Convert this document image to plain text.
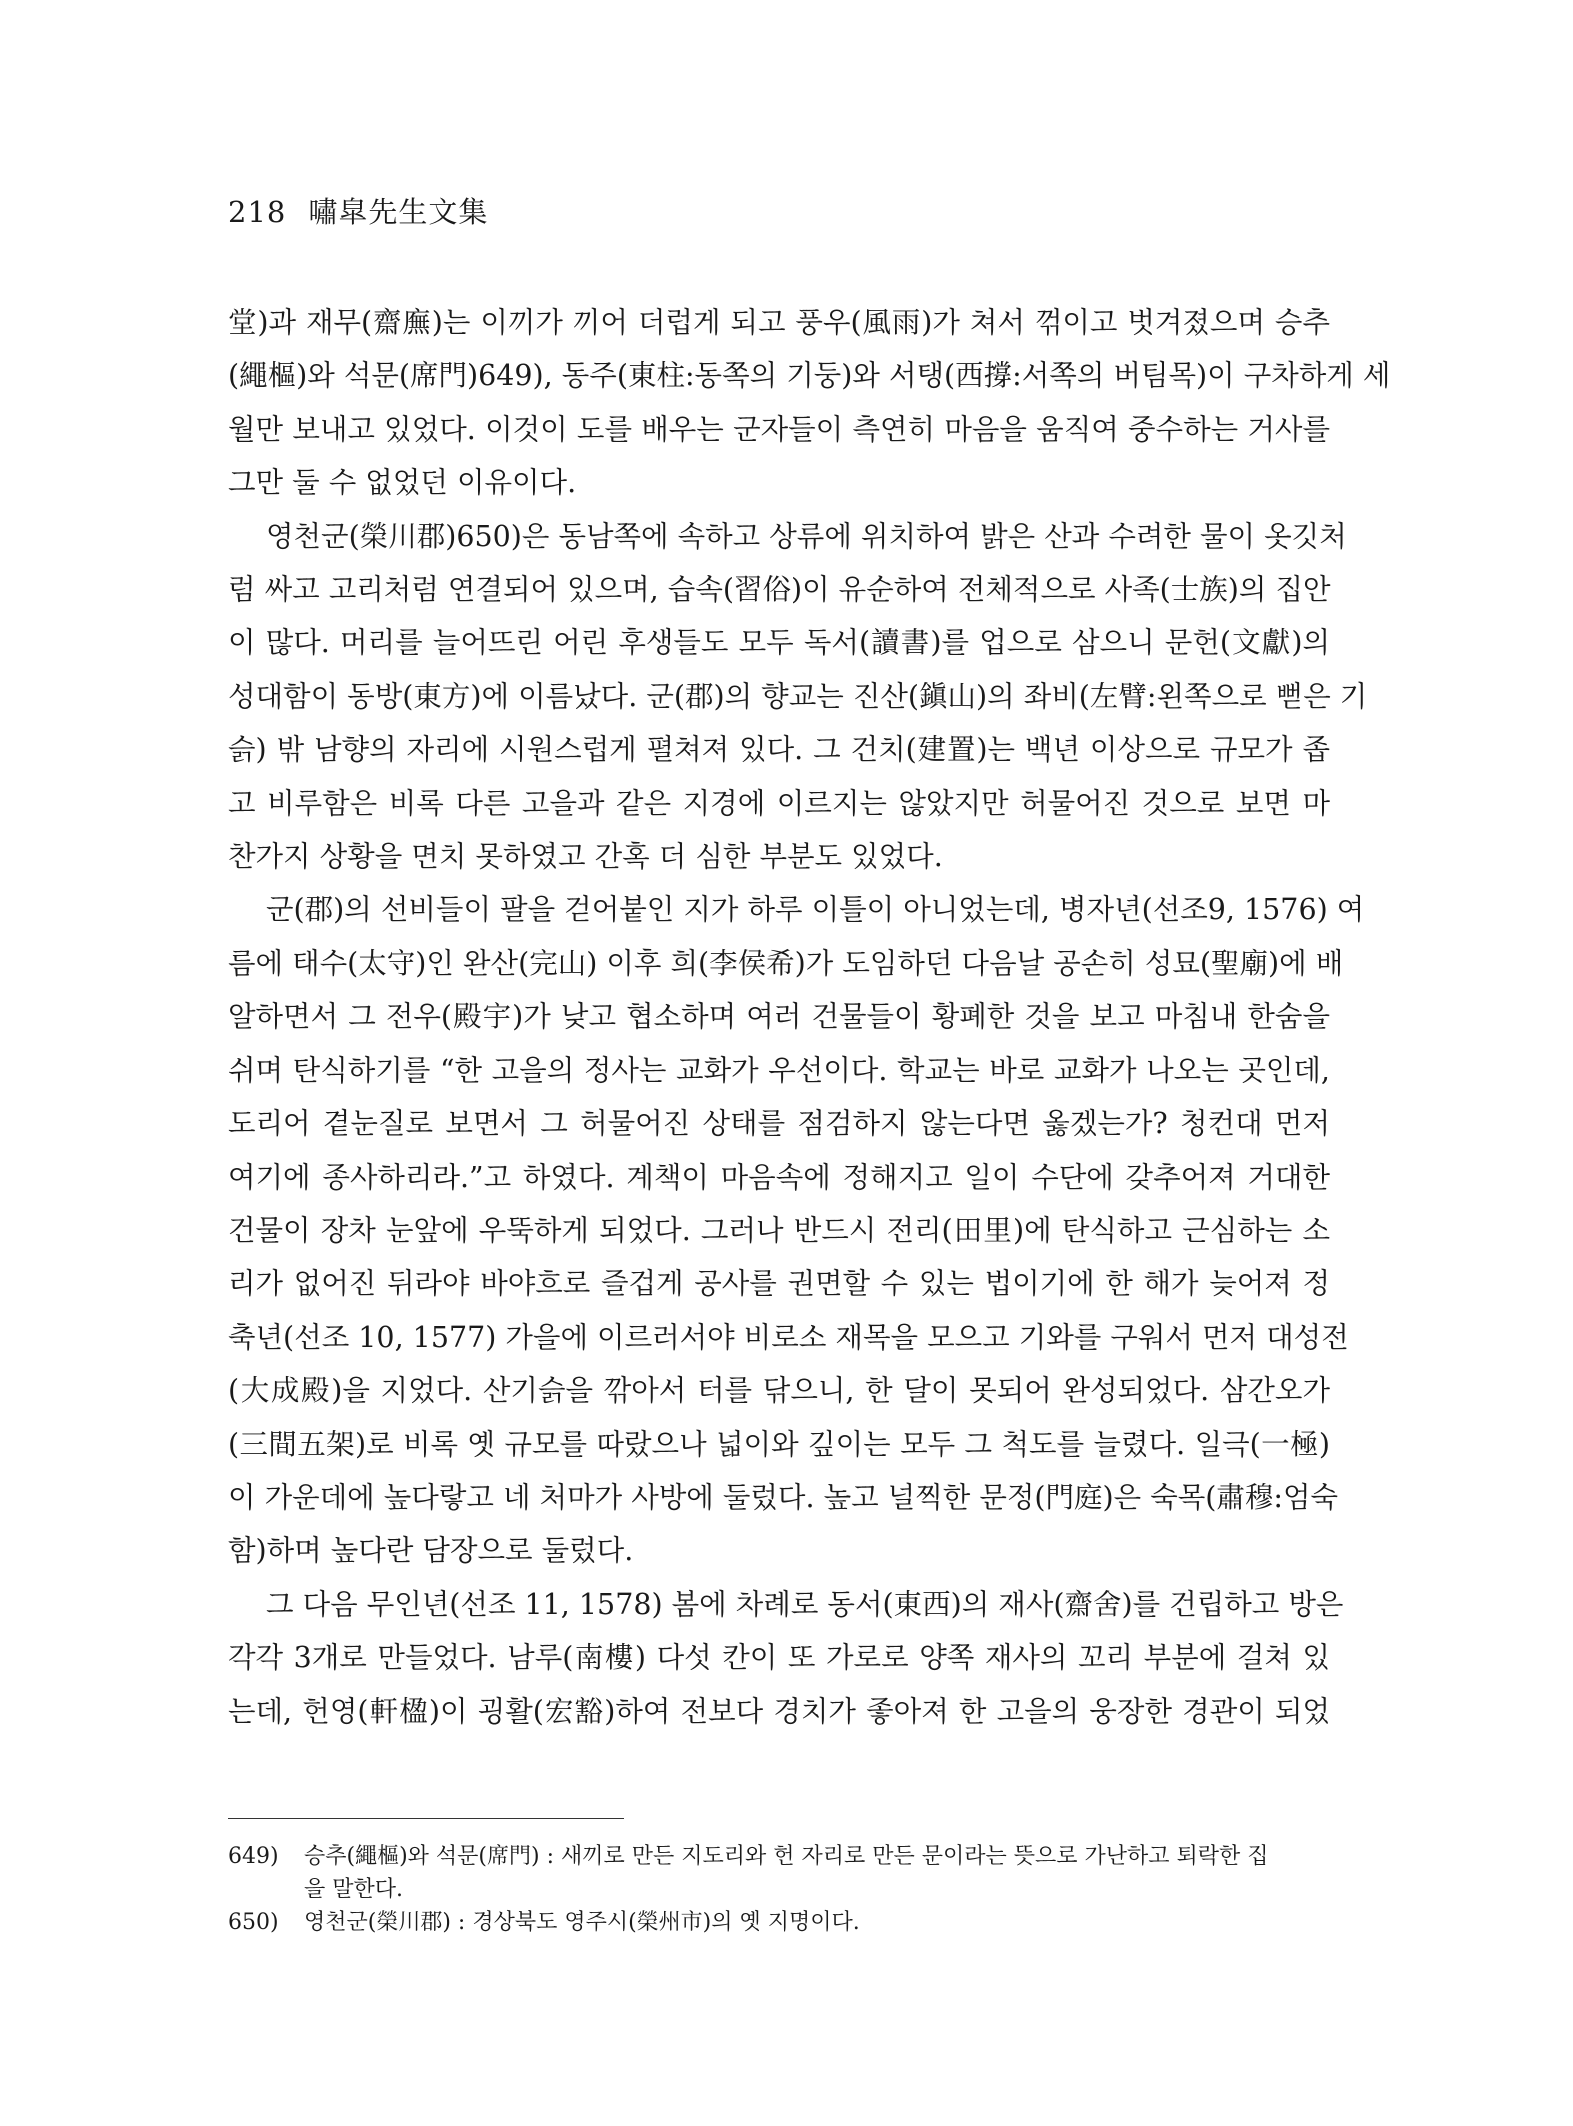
218 嘯皐先生文集

堂)과 재무(齋廡)는 이끼가 끼어 더럽게 되고 풍우(風雨)가 쳐서 꺾이고 벗겨졌으며 승추
(繩樞)와 석문(席門)649), 동주(東柱:동쪽의 기둥)와 서탱(西撐:서쪽의 버팀목)이 구차하게 세
월만 보내고 있었다. 이것이 도를 배우는 군자들이 측연히 마음을 움직여 중수하는 거사를
그만 둘 수 없었던 이유이다.

영천군(榮川郡)650)은 동남쪽에 속하고 상류에 위치하여 밝은 산과 수려한 물이 옷깃처
럼 싸고 고리처럼 연결되어 있으며, 습속(習俗)이 유순하여 전체적으로 사족(士族)의 집안
이 많다. 머리를 늘어뜨린 어린 후생들도 모두 독서(讀書)를 업으로 삼으니 문헌(文獻)의
성대함이 동방(東方)에 이름났다. 군(郡)의 향교는 진산(鎭山)의 좌비(左臂:왼쪽으로 뻗은 기
슭) 밖 남향의 자리에 시원스럽게 펼쳐져 있다. 그 건치(建置)는 백년 이상으로 규모가 좁
고 비루함은 비록 다른 고을과 같은 지경에 이르지는 않았지만 허물어진 것으로 보면 마
찬가지 상황을 면치 못하였고 간혹 더 심한 부분도 있었다.

군(郡)의 선비들이 팔을 걷어붙인 지가 하루 이틀이 아니었는데, 병자년(선조9, 1576) 여
름에 태수(太守)인 완산(完山) 이후 희(李侯希)가 도임하던 다음날 공손히 성묘(聖廟)에 배
알하면서 그 전우(殿宇)가 낮고 협소하며 여러 건물들이 황폐한 것을 보고 마침내 한숨을
쉬며 탄식하기를 “한 고을의 정사는 교화가 우선이다. 학교는 바로 교화가 나오는 곳인데,
도리어 곁눈질로 보면서 그 허물어진 상태를 점검하지 않는다면 옳겠는가? 청컨대 먼저
여기에 종사하리라.”고 하였다. 계책이 마음속에 정해지고 일이 수단에 갖추어져 거대한
건물이 장차 눈앞에 우뚝하게 되었다. 그러나 반드시 전리(田里)에 탄식하고 근심하는 소
리가 없어진 뒤라야 바야흐로 즐겁게 공사를 권면할 수 있는 법이기에 한 해가 늦어져 정
축년(선조 10, 1577) 가을에 이르러서야 비로소 재목을 모으고 기와를 구워서 먼저 대성전
(大成殿)을 지었다. 산기슭을 깎아서 터를 닦으니, 한 달이 못되어 완성되었다. 삼간오가
(三間五架)로 비록 옛 규모를 따랐으나 넓이와 깊이는 모두 그 척도를 늘렸다. 일극(一極)
이 가운데에 높다랗고 네 처마가 사방에 둘렀다. 높고 널찍한 문정(門庭)은 숙목(肅穆:엄숙
함)하며 높다란 담장으로 둘렀다.

그 다음 무인년(선조 11, 1578) 봄에 차례로 동서(東西)의 재사(齋舍)를 건립하고 방은
각각 3개로 만들었다. 남루(南樓) 다섯 칸이 또 가로로 양쪽 재사의 꼬리 부분에 걸쳐 있
는데, 헌영(軒楹)이 굉활(宏豁)하여 전보다 경치가 좋아져 한 고을의 웅장한 경관이 되었

649) 승추(繩樞)와 석문(席門) : 새끼로 만든 지도리와 헌 자리로 만든 문이라는 뜻으로 가난하고 퇴락한 집
을 말한다.
650) 영천군(榮川郡) : 경상북도 영주시(榮州市)의 옛 지명이다.
